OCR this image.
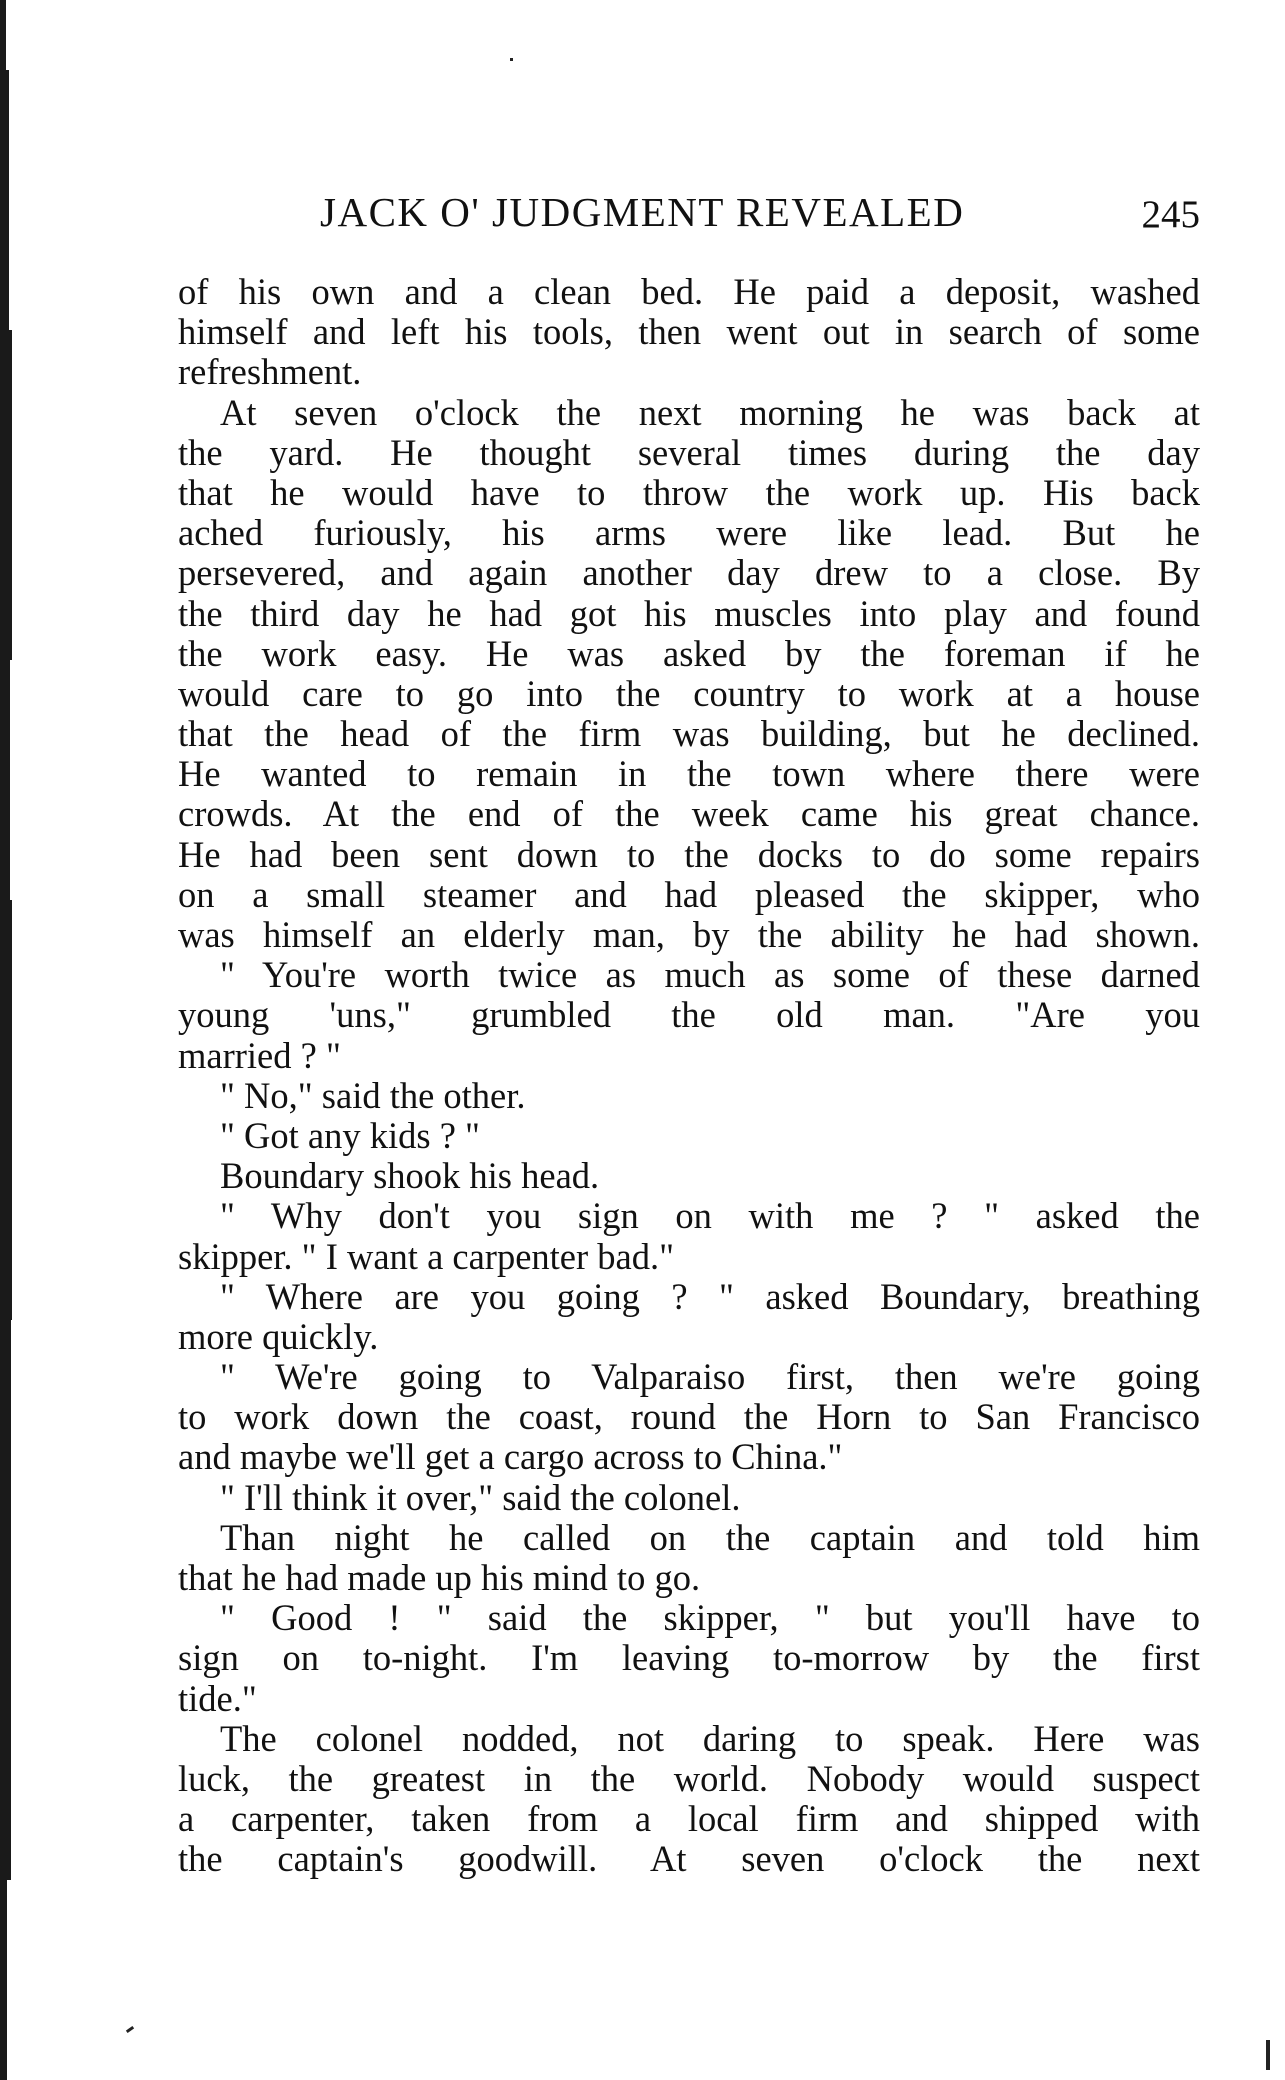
JACK O' JUDGMENT REVEALED	245
of his own and a clean bed. He paid a deposit, washed
himself and left his tools, then went out in search of some
refreshment.
At seven o'clock the next morning he was back at
the yard. He thought several times during the day
that he would have to throw the work up. His back
ached furiously, his arms were like lead. But he
persevered, and again another day drew to a close. By
the third day he had got his muscles into play and found
the work easy. He was asked by the foreman if he
would care to go into the country to work at a house
that the head of the firm was building, but he declined.
He wanted to remain in the town where there were
crowds. At the end of the week came his great chance.
He had been sent down to the docks to do some repairs
on a small steamer and had pleased the skipper, who
was himself an elderly man, by the ability he had shown.
" You're worth twice as much as some of these darned
young 'uns," grumbled the old man. "Are you
married ? "
" No," said the other.
" Got any kids ? "
Boundary shook his head.
" Why don't you sign on with me ? " asked the
skipper. " I want a carpenter bad."
" Where are you going ? " asked Boundary, breathing
more quickly.
" We're going to Valparaiso first, then we're going
to work down the coast, round the Horn to San Francisco
and maybe we'll get a cargo across to China."
" I'll think it over," said the colonel.
Than night he called on the captain and told him
that he had made up his mind to go.
" Good ! " said the skipper, " but you'll have to
sign on to-night. I'm leaving to-morrow by the first
tide."
The colonel nodded, not daring to speak. Here was
luck, the greatest in the world. Nobody would suspect
a carpenter, taken from a local firm and shipped with
the captain's goodwill. At seven o'clock the next
